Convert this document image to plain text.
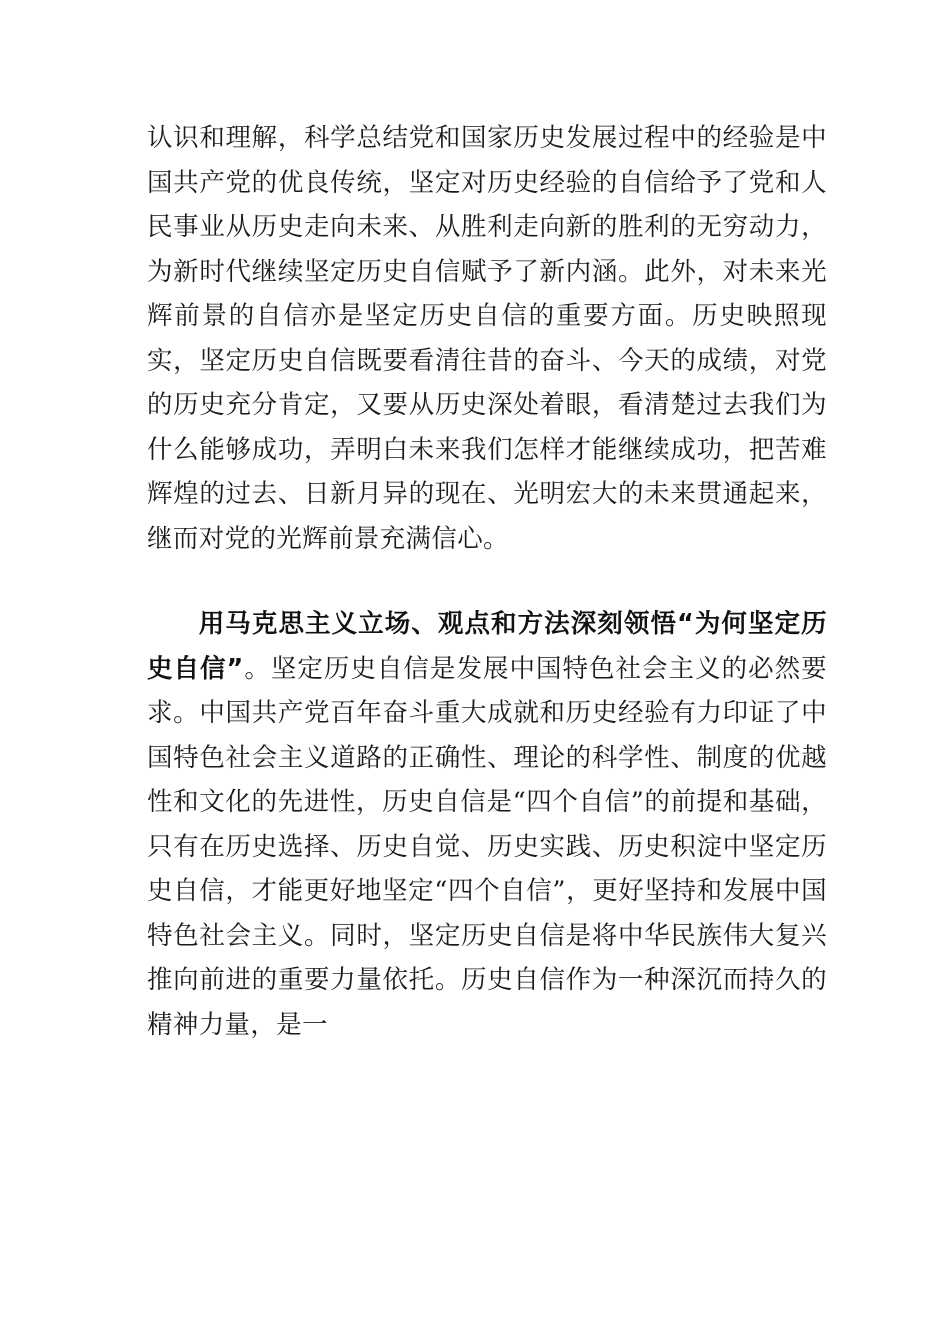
认识和理解，科学总结党和国家历史发展过程中的经验是中国共产党的优良传统，坚定对历史经验的自信给予了党和人民事业从历史走向未来、从胜利走向新的胜利的无穷动力，为新时代继续坚定历史自信赋予了新内涵。此外，对未来光辉前景的自信亦是坚定历史自信的重要方面。历史映照现实，坚定历史自信既要看清往昔的奋斗、今天的成绩，对党的历史充分肯定，又要从历史深处着眼，看清楚过去我们为什么能够成功，弄明白未来我们怎样才能继续成功，把苦难辉煌的过去、日新月异的现在、光明宏大的未来贯通起来，继而对党的光辉前景充满信心。

用马克思主义立场、观点和方法深刻领悟“为何坚定历史自信”。坚定历史自信是发展中国特色社会主义的必然要求。中国共产党百年奋斗重大成就和历史经验有力印证了中国特色社会主义道路的正确性、理论的科学性、制度的优越性和文化的先进性，历史自信是“四个自信”的前提和基础，只有在历史选择、历史自觉、历史实践、历史积淀中坚定历史自信，才能更好地坚定“四个自信”，更好坚持和发展中国特色社会主义。同时，坚定历史自信是将中华民族伟大复兴推向前进的重要力量依托。历史自信作为一种深沉而持久的精神力量，是一
